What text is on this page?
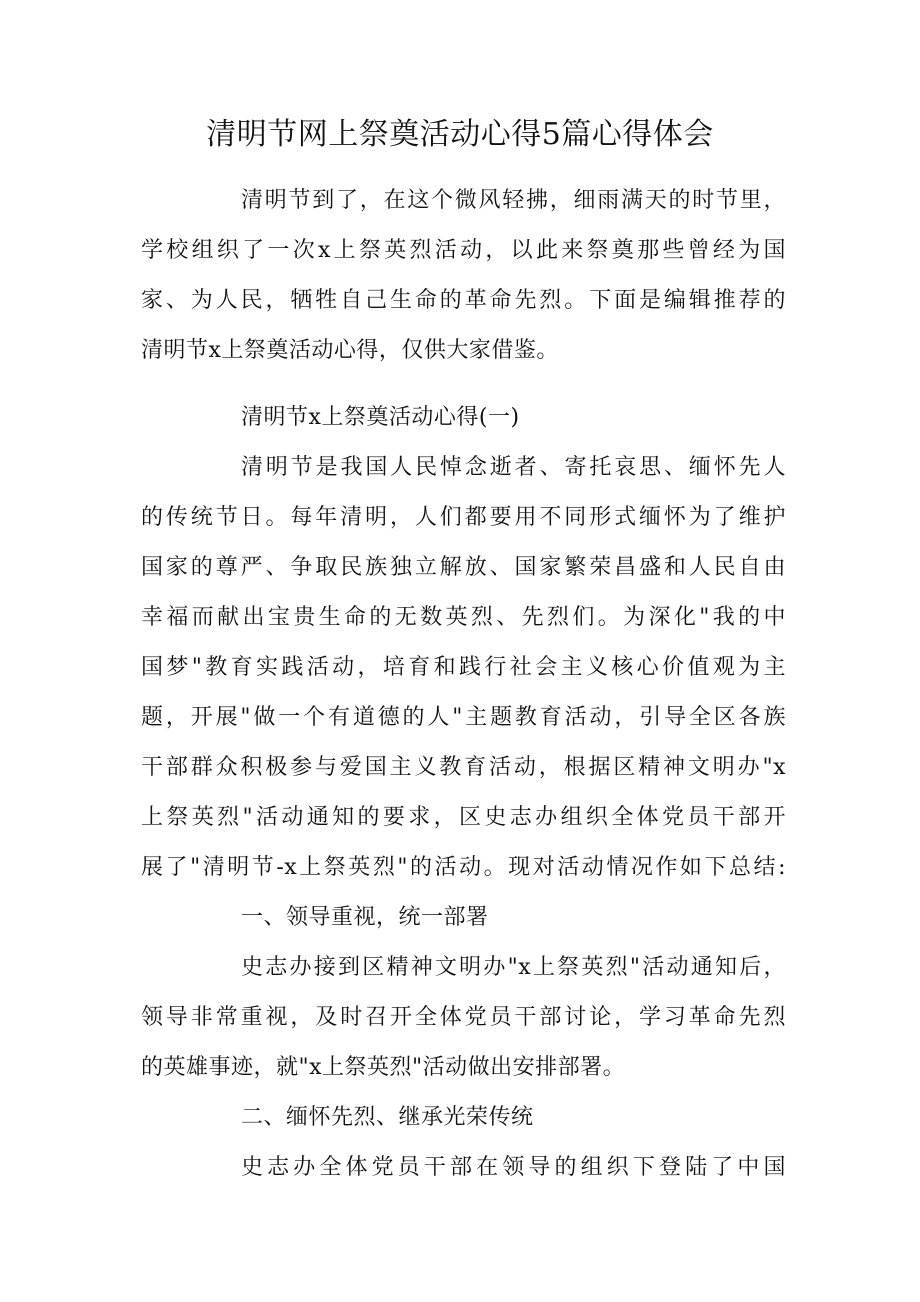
清明节网上祭奠活动心得5篇心得体会

清明节到了，在这个微风轻拂，细雨满天的时节里，

学校组织了一次x上祭英烈活动，以此来祭奠那些曾经为国

家、为人民，牺牲自己生命的革命先烈。下面是编辑推荐的

清明节x上祭奠活动心得，仅供大家借鉴。

清明节x上祭奠活动心得(一)

清明节是我国人民悼念逝者、寄托哀思、缅怀先人

的传统节日。每年清明，人们都要用不同形式缅怀为了维护

国家的尊严、争取民族独立解放、国家繁荣昌盛和人民自由

幸福而献出宝贵生命的无数英烈、先烈们。为深化"我的中

国梦"教育实践活动，培育和践行社会主义核心价值观为主

题，开展"做一个有道德的人"主题教育活动，引导全区各族

干部群众积极参与爱国主义教育活动，根据区精神文明办"x

上祭英烈"活动通知的要求，区史志办组织全体党员干部开

展了"清明节-x上祭英烈"的活动。现对活动情况作如下总结:

一、领导重视，统一部署

史志办接到区精神文明办"x上祭英烈"活动通知后，

领导非常重视，及时召开全体党员干部讨论，学习革命先烈

的英雄事迹，就"x上祭英烈"活动做出安排部署。

二、缅怀先烈、继承光荣传统

史志办全体党员干部在领导的组织下登陆了中国
